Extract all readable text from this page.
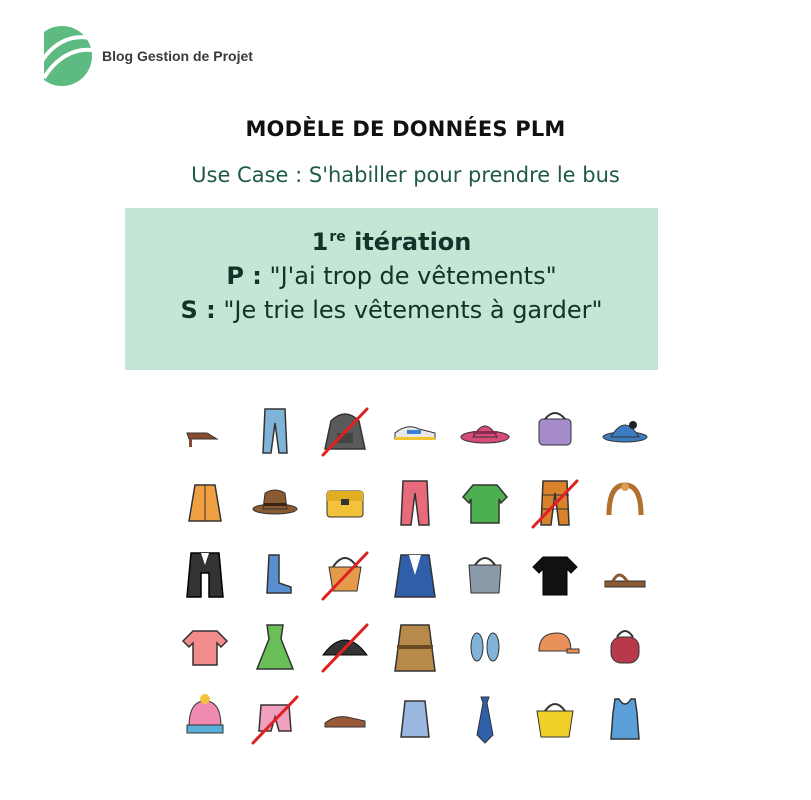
Blog Gestion de Projet
MODÈLE DE DONNÉES PLM
Use Case : S'habiller pour prendre le bus
1re itération
P : "J'ai trop de vêtements"
S : "Je trie les vêtements à garder"
